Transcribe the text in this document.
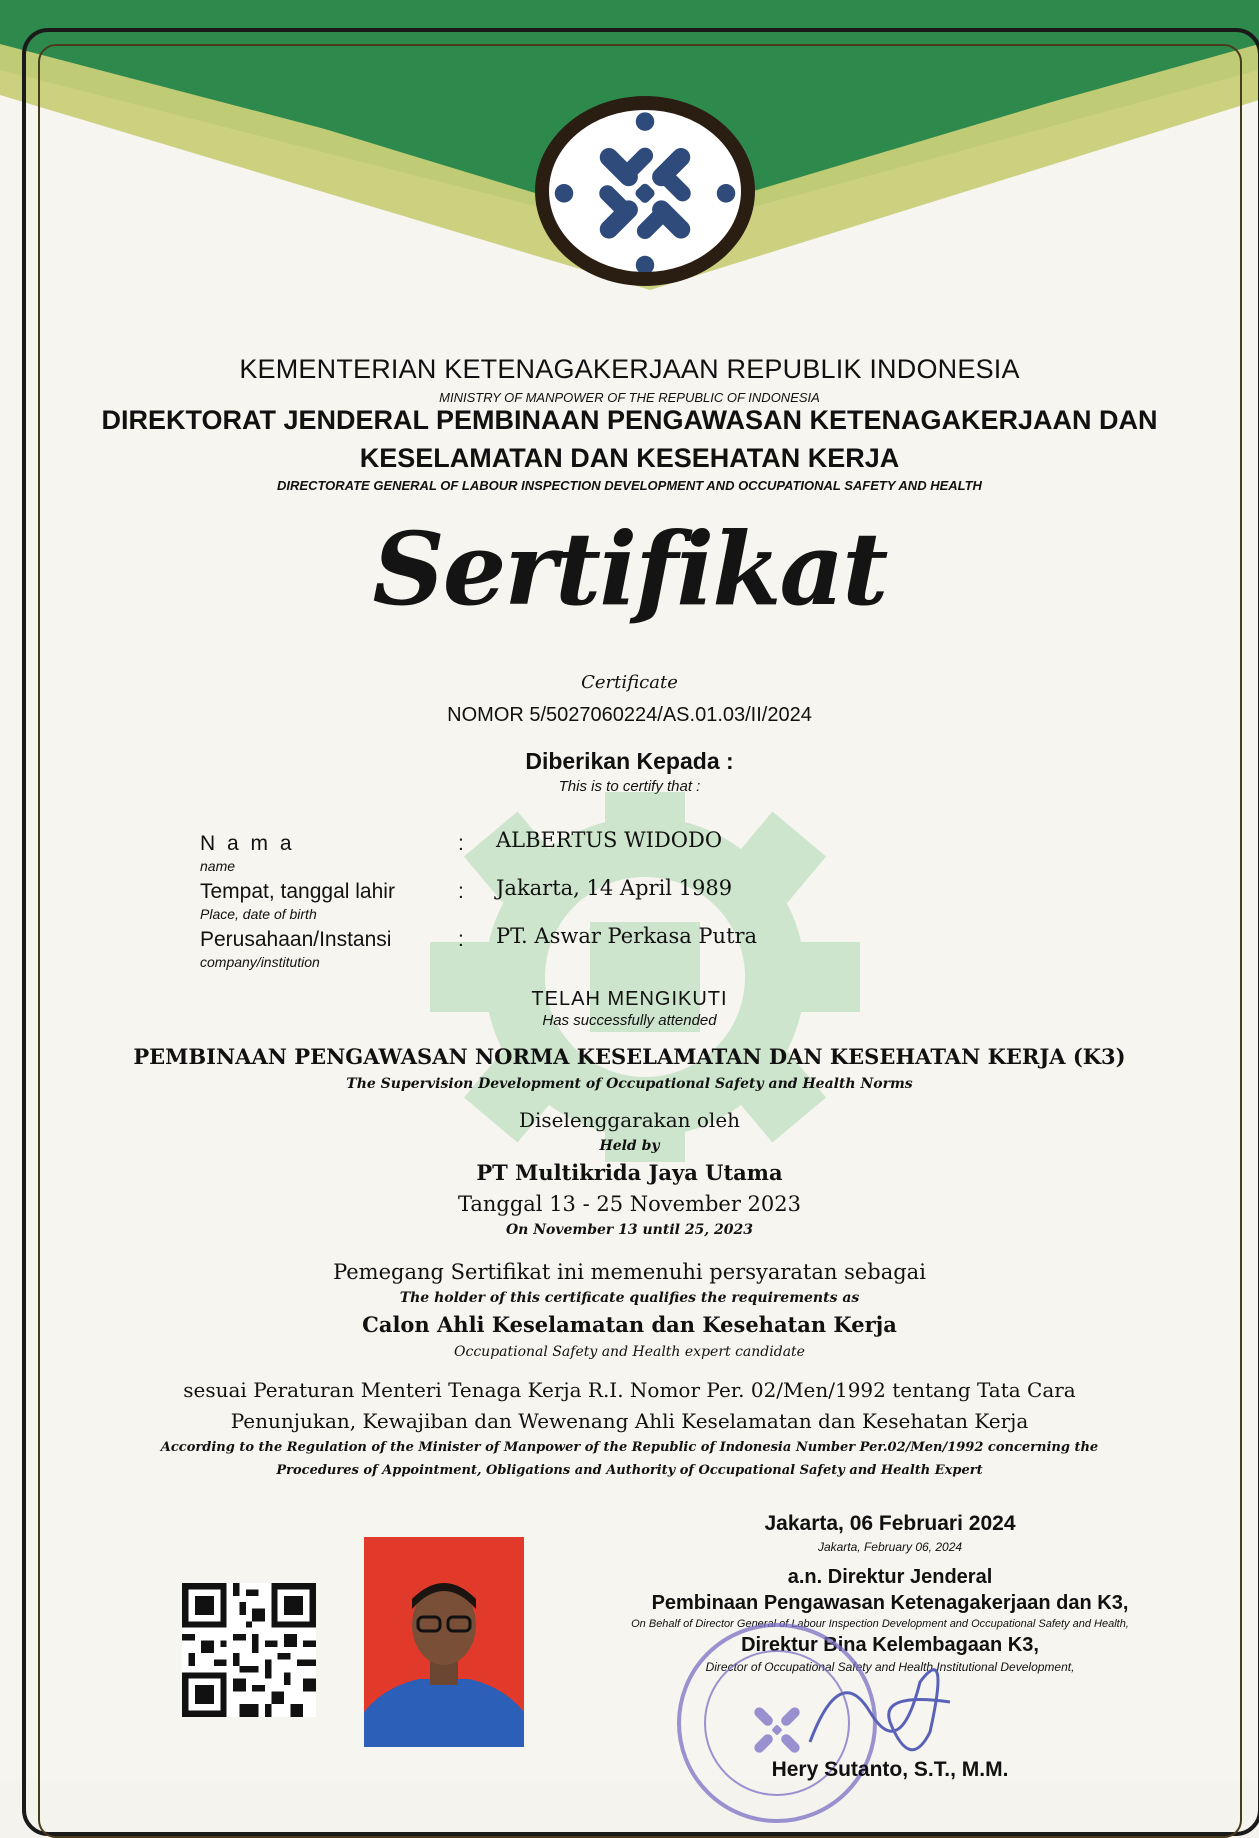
KEMENTERIAN KETENAGAKERJAAN REPUBLIK INDONESIA
MINISTRY OF MANPOWER OF THE REPUBLIC OF INDONESIA
DIREKTORAT JENDERAL PEMBINAAN PENGAWASAN KETENAGAKERJAAN DAN
KESELAMATAN DAN KESEHATAN KERJA
DIRECTORATE GENERAL OF LABOUR INSPECTION DEVELOPMENT AND OCCUPATIONAL SAFETY AND HEALTH
Sertifikat
Certificate
NOMOR 5/5027060224/AS.01.03/II/2024
Diberikan Kepada :
This is to certify that :
N a m a
name
: ALBERTUS WIDODO
Tempat, tanggal lahir
Place, date of birth
: Jakarta, 14 April 1989
Perusahaan/Instansi
company/institution
: PT. Aswar Perkasa Putra
TELAH MENGIKUTI
Has successfully attended
PEMBINAAN PENGAWASAN NORMA KESELAMATAN DAN KESEHATAN KERJA (K3)
The Supervision Development of Occupational Safety and Health Norms
Diselenggarakan oleh
Held by
PT Multikrida Jaya Utama
Tanggal 13 - 25 November 2023
On November 13 until 25, 2023
Pemegang Sertifikat ini memenuhi persyaratan sebagai
The holder of this certificate qualifies the requirements as
Calon Ahli Keselamatan dan Kesehatan Kerja
Occupational Safety and Health expert candidate
sesuai Peraturan Menteri Tenaga Kerja R.I. Nomor Per. 02/Men/1992 tentang Tata Cara
Penunjukan, Kewajiban dan Wewenang Ahli Keselamatan dan Kesehatan Kerja
According to the Regulation of the Minister of Manpower of the Republic of Indonesia Number Per.02/Men/1992 concerning the
Procedures of Appointment, Obligations and Authority of Occupational Safety and Health Expert
Jakarta, 06 Februari 2024
Jakarta, February 06, 2024
a.n. Direktur Jenderal
Pembinaan Pengawasan Ketenagakerjaan dan K3,
On Behalf of Director General of Labour Inspection Development and Occupational Safety and Health,
Direktur Bina Kelembagaan K3,
Director of Occupational Safety and Health Institutional Development,
Hery Sutanto, S.T., M.M.
